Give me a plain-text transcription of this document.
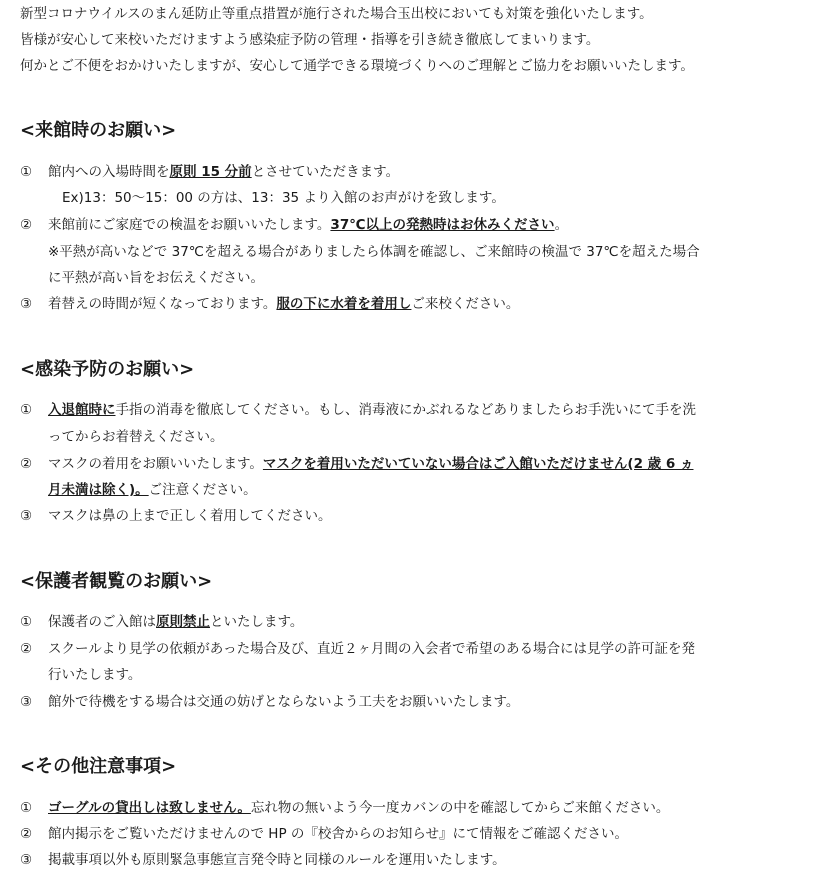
新型コロナウイルスのまん延防止等重点措置が施行された場合玉出校においても対策を強化いたします。
皆様が安心して来校いただけますよう感染症予防の管理・指導を引き続き徹底してまいります。
何かとご不便をおかけいたしますが、安心して通学できる環境づくりへのご理解とご協力をお願いいたします。
<来館時のお願い>
①	館内への入場時間を原則 15 分前とさせていただきます。
Ex)13：50～15：00 の方は、13：35 より入館のお声がけを致します。
②	来館前にご家庭での検温をお願いいたします。37℃以上の発熱時はお休みください。
※平熱が高いなどで 37℃を超える場合がありましたら体調を確認し、ご来館時の検温で 37℃を超えた場合
に平熱が高い旨をお伝えください。
③	着替えの時間が短くなっております。服の下に水着を着用しご来校ください。
<感染予防のお願い>
①	入退館時に手指の消毒を徹底してください。もし、消毒液にかぶれるなどありましたらお手洗いにて手を洗
ってからお着替えください。
②	マスクの着用をお願いいたします。マスクを着用いただいていない場合はご入館いただけません(2 歳 6 ヵ
月未満は除く)。ご注意ください。
③	マスクは鼻の上まで正しく着用してください。
<保護者観覧のお願い>
①	保護者のご入館は原則禁止といたします。
②	スクールより見学の依頼があった場合及び、直近２ヶ月間の入会者で希望のある場合には見学の許可証を発
行いたします。
③	館外で待機をする場合は交通の妨げとならないよう工夫をお願いいたします。
<その他注意事項>
①	ゴーグルの貸出しは致しません。忘れ物の無いよう今一度カバンの中を確認してからご来館ください。
②	館内掲示をご覧いただけませんので HP の『校舎からのお知らせ』にて情報をご確認ください。
③	掲載事項以外も原則緊急事態宣言発令時と同様のルールを運用いたします。
